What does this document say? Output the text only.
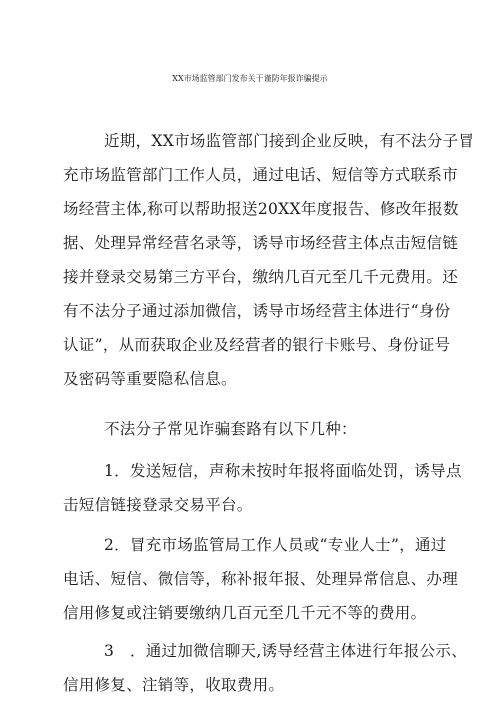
XX市场监管部门发布关于谨防年报诈骗提示
近期，XX市场监管部门接到企业反映，有不法分子冒
充市场监管部门工作人员，通过电话、短信等方式联系市
场经营主体,称可以帮助报送20XX年度报告、修改年报数
据、处理异常经营名录等，诱导市场经营主体点击短信链
接并登录交易第三方平台，缴纳几百元至几千元费用。还
有不法分子通过添加微信，诱导市场经营主体进行“身份
认证”，从而获取企业及经营者的银行卡账号、身份证号
及密码等重要隐私信息。
不法分子常见诈骗套路有以下几种：
1．发送短信，声称未按时年报将面临处罚，诱导点
击短信链接登录交易平台。
2．冒充市场监管局工作人员或“专业人士”，通过
电话、短信、微信等，称补报年报、处理异常信息、办理
信用修复或注销要缴纳几百元至几千元不等的费用。
3　．通过加微信聊天,诱导经营主体进行年报公示、
信用修复、注销等，收取费用。
